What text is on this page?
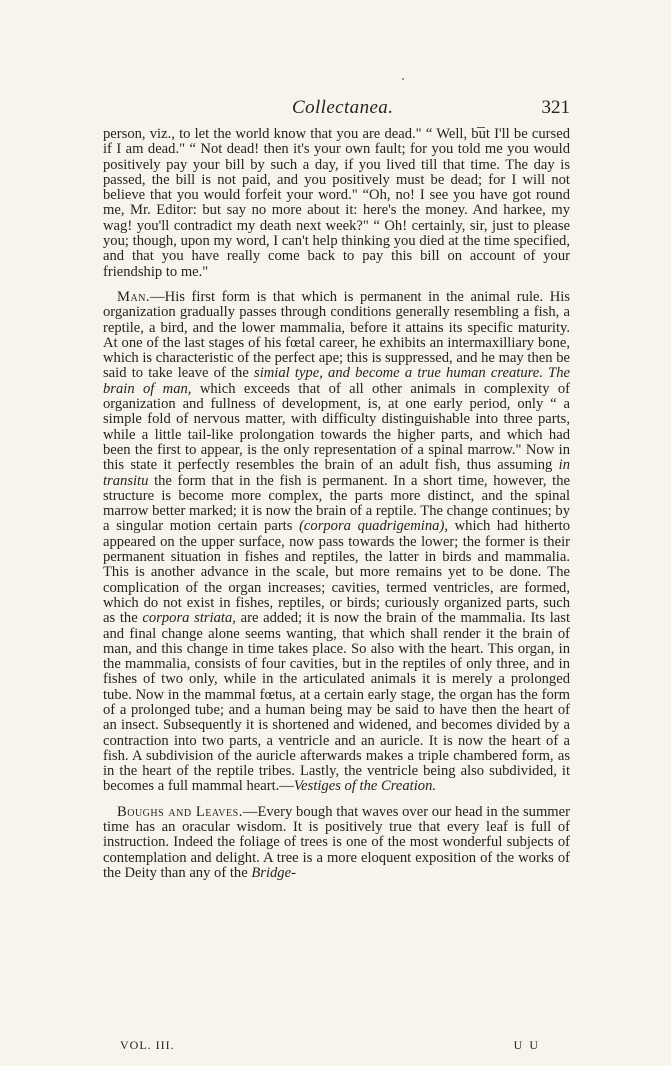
Collectanea.	321

person, viz., to let the world know that you are dead." “ Well, but I'll be cursed if I am dead." “ Not dead! then it's your own fault; for you told me you would positively pay your bill by such a day, if you lived till that time. The day is passed, the bill is not paid, and you positively must be dead; for I will not believe that you would forfeit your word." “Oh, no! I see you have got round me, Mr. Editor: but say no more about it: here's the money. And harkee, my wag! you'll contradict my death next week?" “ Oh! certainly, sir, just to please you; though, upon my word, I can't help thinking you died at the time specified, and that you have really come back to pay this bill on account of your friendship to me."

Man.—His first form is that which is permanent in the animal rule. His organization gradually passes through conditions generally resembling a fish, a reptile, a bird, and the lower mammalia, before it attains its specific maturity. At one of the last stages of his fœtal career, he exhibits an intermaxilliary bone, which is characteristic of the perfect ape; this is suppressed, and he may then be said to take leave of the simial type, and become a true human creature. The brain of man, which exceeds that of all other animals in complexity of organization and fullness of development, is, at one early period, only “ a simple fold of nervous matter, with difficulty distinguishable into three parts, while a little tail-like prolongation towards the higher parts, and which had been the first to appear, is the only representation of a spinal marrow." Now in this state it perfectly resembles the brain of an adult fish, thus assuming in transitu the form that in the fish is permanent. In a short time, however, the structure is become more complex, the parts more distinct, and the spinal marrow better marked; it is now the brain of a reptile. The change continues; by a singular motion certain parts (corpora quadrigemina), which had hitherto appeared on the upper surface, now pass towards the lower; the former is their permanent situation in fishes and reptiles, the latter in birds and mammalia. This is another advance in the scale, but more remains yet to be done. The complication of the organ increases; cavities, termed ventricles, are formed, which do not exist in fishes, reptiles, or birds; curiously organized parts, such as the corpora striata, are added; it is now the brain of the mammalia. Its last and final change alone seems wanting, that which shall render it the brain of man, and this change in time takes place. So also with the heart. This organ, in the mammalia, consists of four cavities, but in the reptiles of only three, and in fishes of two only, while in the articulated animals it is merely a prolonged tube. Now in the mammal fœtus, at a certain early stage, the organ has the form of a prolonged tube; and a human being may be said to have then the heart of an insect. Subsequently it is shortened and widened, and becomes divided by a contraction into two parts, a ventricle and an auricle. It is now the heart of a fish. A subdivision of the auricle afterwards makes a triple chambered form, as in the heart of the reptile tribes. Lastly, the ventricle being also subdivided, it becomes a full mammal heart.—Vestiges of the Creation.

Boughs and Leaves.—Every bough that waves over our head in the summer time has an oracular wisdom. It is positively true that every leaf is full of instruction. Indeed the foliage of trees is one of the most wonderful subjects of contemplation and delight. A tree is a more eloquent exposition of the works of the Deity than any of the Bridge-

VOL. III.	U U
